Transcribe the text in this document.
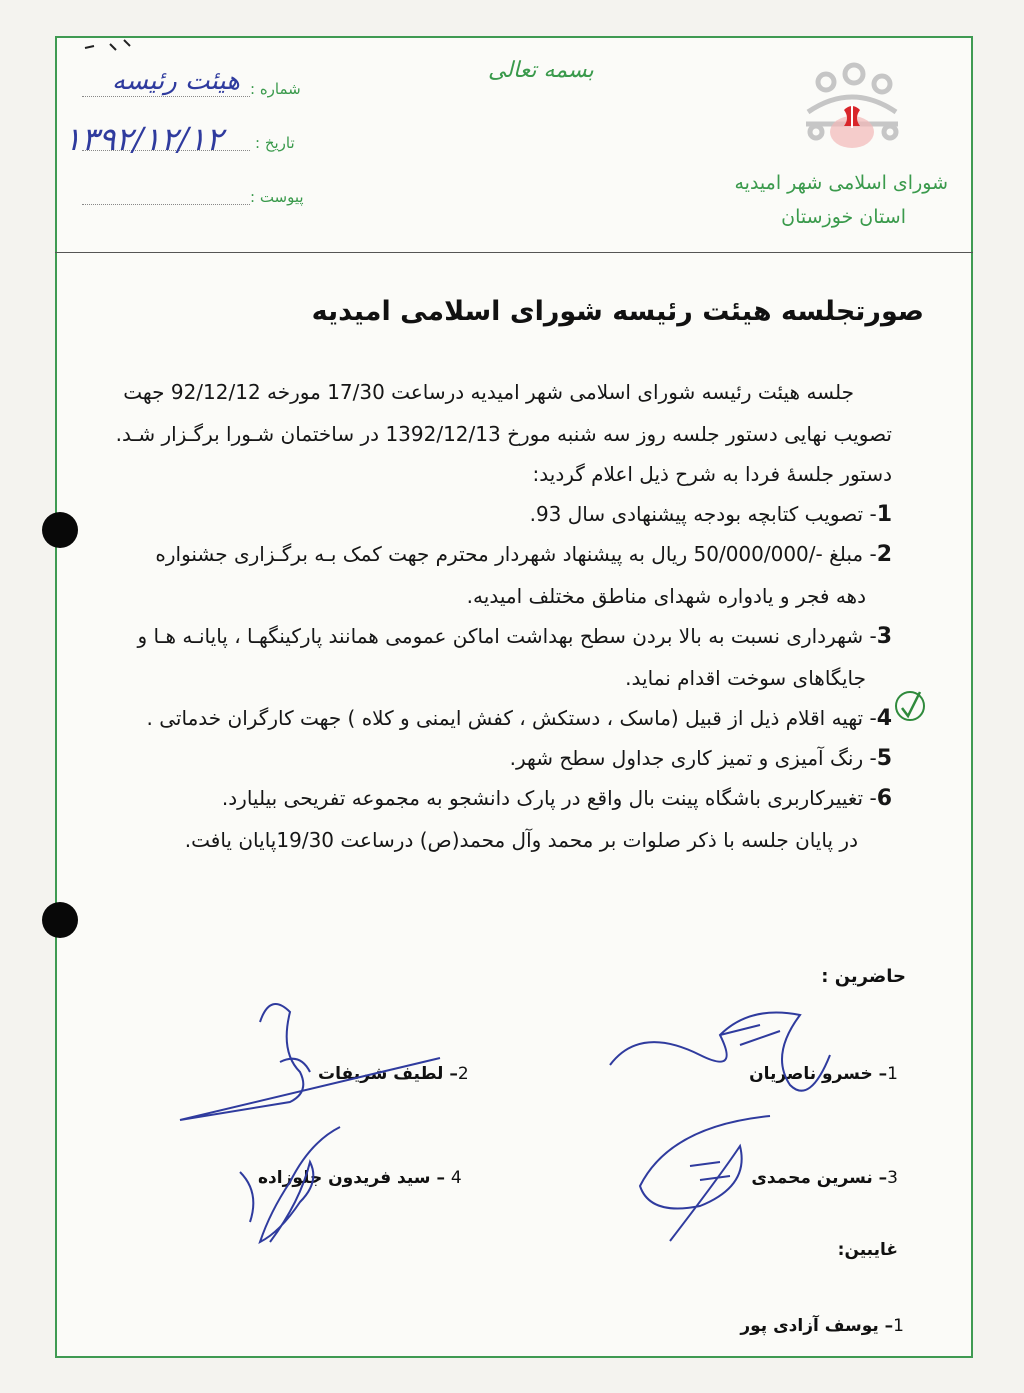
بسمه تعالی
شماره :
هیئت رئیسه
تاریخ :
۱۳۹۲/۱۲/۱۲
پیوست :
شورای اسلامی شهر امیدیه
استان خوزستان
صورتجلسه هیئت رئیسه شورای اسلامی امیدیه
جلسه هیئت رئیسه شورای اسلامی شهر امیدیه درساعت 17/30 مورخه 92/12/12 جهت
تصویب نهایی دستور جلسه روز سه شنبه مورخ 1392/12/13 در ساختمان شـورا برگـزار شـد.
دستور جلسهٔ فردا به شرح ذیل اعلام گردید:
1- تصویب کتابچه بودجه پیشنهادی سال 93.
2- مبلغ -/50/000/000 ریال به پیشنهاد شهردار محترم جهت کمک بـه برگـزاری جشنواره
دهه فجر و یادواره شهدای مناطق مختلف امیدیه.
3- شهرداری نسبت به بالا بردن سطح بهداشت اماکن عمومی همانند پارکینگهـا ، پایانـه هـا و
جایگاهای سوخت اقدام نماید.
4- تهیه اقلام ذیل از قبیل (ماسک ، دستکش ، کفش ایمنی و کلاه ) جهت کارگران خدماتی .
5- رنگ آمیزی و تمیز کاری جداول سطح شهر.
6- تغییرکاربری باشگاه پینت بال واقع در پارک دانشجو به مجموعه تفریحی بیلیارد.
در پایان جلسه با ذکر صلوات بر محمد وآل محمد(ص) درساعت 19/30پایان یافت.
حاضرین :
1– خسرو ناصریان
2– لطیف شریفات
3– نسرین محمدی
4 – سید فریدون جلوزاده
غايبين:
1– یوسف آزادی پور
